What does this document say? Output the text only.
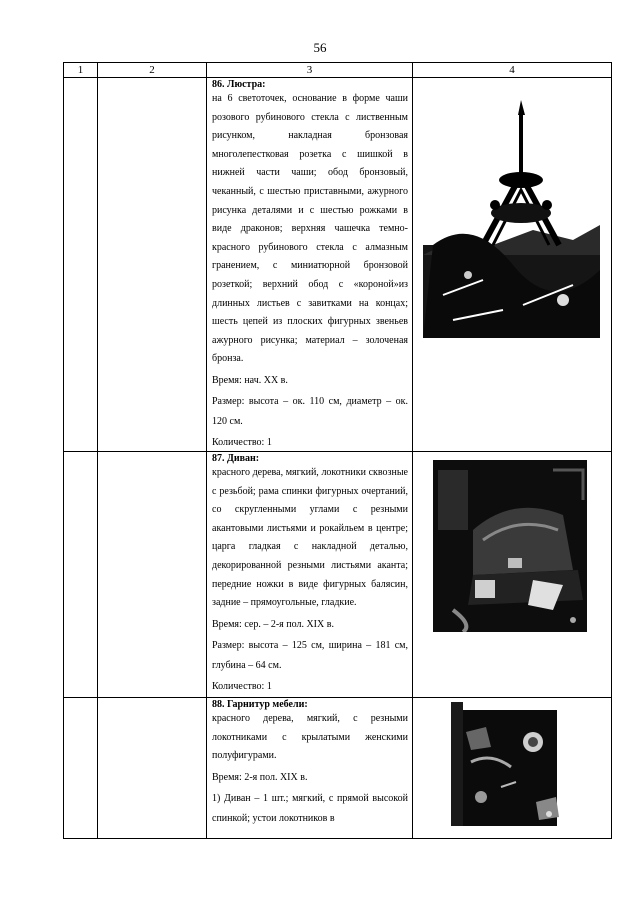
56
1	2	3	4

		86. Люстра:

на 6 светоточек, основание в форме чаши розового рубинового стекла с лиственным рисунком, накладная бронзовая многолепестковая розетка с шишкой в нижней части чаши; обод бронзовый, чеканный, с шестью приставными, ажурного рисунка деталями и с шестью рожками в виде драконов; верхняя чашечка темно-красного рубинового стекла с алмазным гранением, с миниатюрной бронзовой розеткой; верхний обод с «короной»из длинных листьев с завитками на концах; шесть цепей из плоских фигурных звеньев ажурного рисунка; материал – золоченая бронза.

Время: нач. XX в.

Размер: высота – ок. 110 см, диаметр – ок. 120 см.

Количество: 1

		87. Диван:

красного дерева, мягкий, локотники сквозные с резьбой; рама спинки фигурных очертаний, со скругленными углами с резными акантовыми листьями и рокайльем в центре; царга гладкая с накладной деталью, декорированной резными листьями аканта; передние ножки в виде фигурных балясин, задние – прямоугольные, гладкие.

Время: сер. – 2-я пол. XIX в.

Размер: высота – 125 см, ширина – 181 см, глубина – 64 см.

Количество: 1

		88. Гарнитур мебели:

красного дерева, мягкий, с резными локотниками с крылатыми женскими полуфигурами.

Время: 2-я пол. XIX в.

1) Диван – 1 шт.; мягкий, с прямой высокой спинкой; устои локотников в
